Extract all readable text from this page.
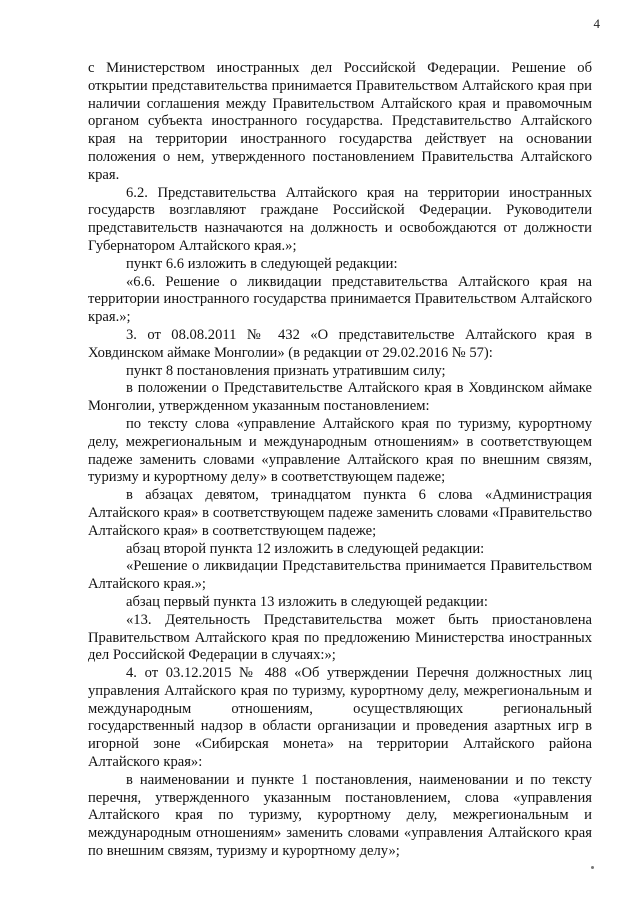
4

с Министерством иностранных дел Российской Федерации. Решение об открытии представительства принимается Правительством Алтайского края при наличии соглашения между Правительством Алтайского края и правомочным органом субъекта иностранного государства. Представительство Алтайского края на территории иностранного государства действует на основании положения о нем, утвержденного постановлением Правительства Алтайского края.

6.2. Представительства Алтайского края на территории иностранных государств возглавляют граждане Российской Федерации. Руководители представительств назначаются на должность и освобождаются от должности Губернатором Алтайского края.»;

пункт 6.6 изложить в следующей редакции:

«6.6. Решение о ликвидации представительства Алтайского края на территории иностранного государства принимается Правительством Алтайского края.»;

3. от 08.08.2011 № 432 «О представительстве Алтайского края в Ховдинском аймаке Монголии» (в редакции от 29.02.2016 № 57):

пункт 8 постановления признать утратившим силу;

в положении о Представительстве Алтайского края в Ховдинском аймаке Монголии, утвержденном указанным постановлением:

по тексту слова «управление Алтайского края по туризму, курортному делу, межрегиональным и международным отношениям» в соответствующем падеже заменить словами «управление Алтайского края по внешним связям, туризму и курортному делу» в соответствующем падеже;

в абзацах девятом, тринадцатом пункта 6 слова «Администрация Алтайского края» в соответствующем падеже заменить словами «Правительство Алтайского края» в соответствующем падеже;

абзац второй пункта 12 изложить в следующей редакции:

«Решение о ликвидации Представительства принимается Правительством Алтайского края.»;

абзац первый пункта 13 изложить в следующей редакции:

«13. Деятельность Представительства может быть приостановлена Правительством Алтайского края по предложению Министерства иностранных дел Российской Федерации в случаях:»;

4. от 03.12.2015 № 488 «Об утверждении Перечня должностных лиц управления Алтайского края по туризму, курортному делу, межрегиональным и международным отношениям, осуществляющих региональный государственный надзор в области организации и проведения азартных игр в игорной зоне «Сибирская монета» на территории Алтайского района Алтайского края»:

в наименовании и пункте 1 постановления, наименовании и по тексту перечня, утвержденного указанным постановлением, слова «управления Алтайского края по туризму, курортному делу, межрегиональным и международным отношениям» заменить словами «управления Алтайского края по внешним связям, туризму и курортному делу»;
